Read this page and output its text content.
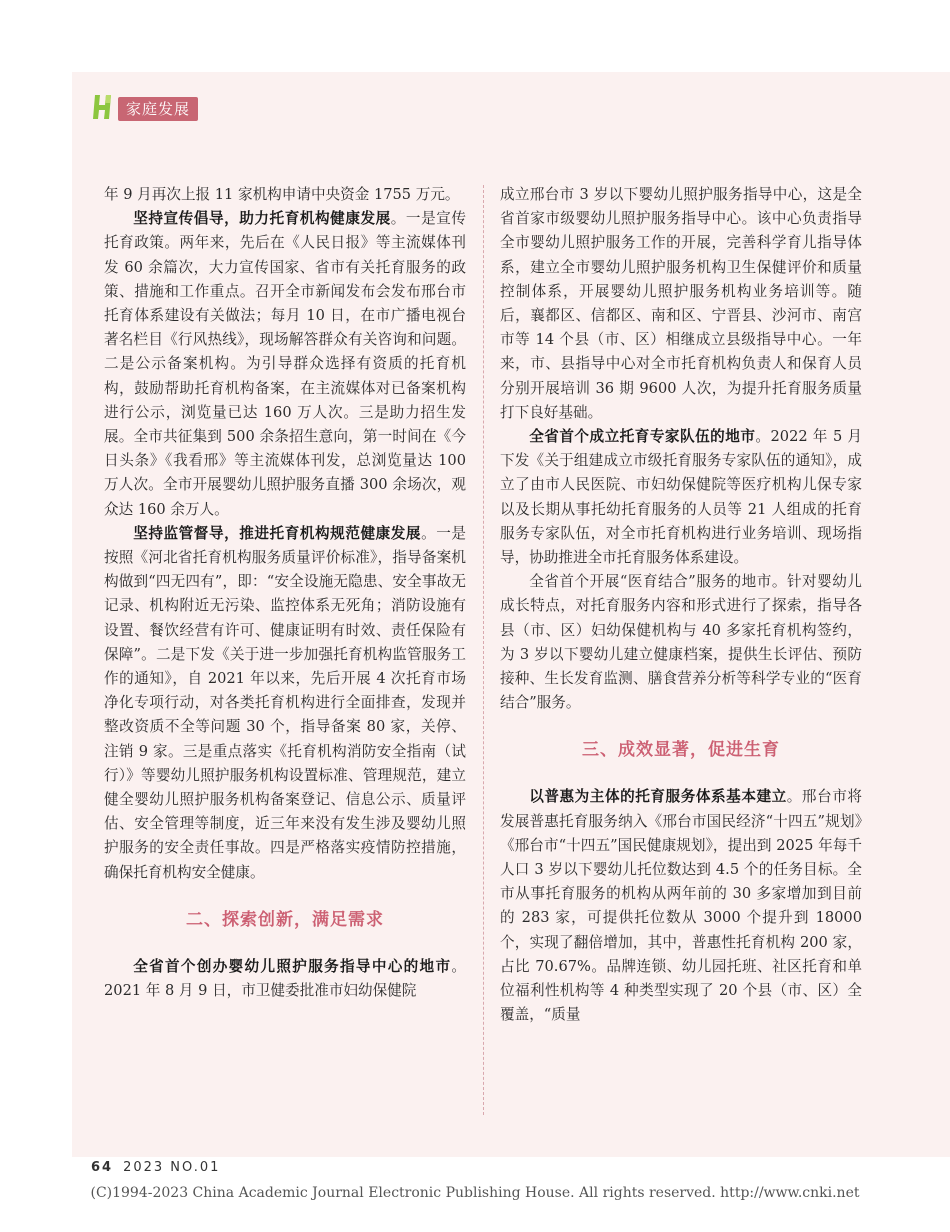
家庭发展

年 9 月再次上报 11 家机构申请中央资金 1755 万元。

坚持宣传倡导，助力托育机构健康发展。一是宣传托育政策。两年来，先后在《人民日报》等主流媒体刊发 60 余篇次，大力宣传国家、省市有关托育服务的政策、措施和工作重点。召开全市新闻发布会发布邢台市托育体系建设有关做法；每月 10 日，在市广播电视台著名栏目《行风热线》，现场解答群众有关咨询和问题。二是公示备案机构。为引导群众选择有资质的托育机构，鼓励帮助托育机构备案，在主流媒体对已备案机构进行公示，浏览量已达 160 万人次。三是助力招生发展。全市共征集到 500 余条招生意向，第一时间在《今日头条》《我看邢》等主流媒体刊发，总浏览量达 100 万人次。全市开展婴幼儿照护服务直播 300 余场次，观众达 160 余万人。

坚持监管督导，推进托育机构规范健康发展。一是按照《河北省托育机构服务质量评价标准》，指导备案机构做到“四无四有”，即：“安全设施无隐患、安全事故无记录、机构附近无污染、监控体系无死角；消防设施有设置、餐饮经营有许可、健康证明有时效、责任保险有保障”。二是下发《关于进一步加强托育机构监管服务工作的通知》，自 2021 年以来，先后开展 4 次托育市场净化专项行动，对各类托育机构进行全面排查，发现并整改资质不全等问题 30 个，指导备案 80 家，关停、注销 9 家。三是重点落实《托育机构消防安全指南（试行）》等婴幼儿照护服务机构设置标准、管理规范，建立健全婴幼儿照护服务机构备案登记、信息公示、质量评估、安全管理等制度，近三年来没有发生涉及婴幼儿照护服务的安全责任事故。四是严格落实疫情防控措施，确保托育机构安全健康。

二、探索创新，满足需求

全省首个创办婴幼儿照护服务指导中心的地市。2021 年 8 月 9 日，市卫健委批准市妇幼保健院

成立邢台市 3 岁以下婴幼儿照护服务指导中心，这是全省首家市级婴幼儿照护服务指导中心。该中心负责指导全市婴幼儿照护服务工作的开展，完善科学育儿指导体系，建立全市婴幼儿照护服务机构卫生保健评价和质量控制体系，开展婴幼儿照护服务机构业务培训等。随后，襄都区、信都区、南和区、宁晋县、沙河市、南宫市等 14 个县（市、区）相继成立县级指导中心。一年来，市、县指导中心对全市托育机构负责人和保育人员分别开展培训 36 期 9600 人次，为提升托育服务质量打下良好基础。

全省首个成立托育专家队伍的地市。2022 年 5 月下发《关于组建成立市级托育服务专家队伍的通知》，成立了由市人民医院、市妇幼保健院等医疗机构儿保专家以及长期从事托幼托育服务的人员等 21 人组成的托育服务专家队伍，对全市托育机构进行业务培训、现场指导，协助推进全市托育服务体系建设。

全省首个开展“医育结合”服务的地市。针对婴幼儿成长特点，对托育服务内容和形式进行了探索，指导各县（市、区）妇幼保健机构与 40 多家托育机构签约，为 3 岁以下婴幼儿建立健康档案，提供生长评估、预防接种、生长发育监测、膳食营养分析等科学专业的“医育结合”服务。

三、成效显著，促进生育

以普惠为主体的托育服务体系基本建立。邢台市将发展普惠托育服务纳入《邢台市国民经济“十四五”规划》《邢台市“十四五”国民健康规划》，提出到 2025 年每千人口 3 岁以下婴幼儿托位数达到 4.5 个的任务目标。全市从事托育服务的机构从两年前的 30 多家增加到目前的 283 家，可提供托位数从 3000 个提升到 18000 个，实现了翻倍增加，其中，普惠性托育机构 200 家，占比 70.67%。品牌连锁、幼儿园托班、社区托育和单位福利性机构等 4 种类型实现了 20 个县（市、区）全覆盖，“质量

64 2023 NO.01
(C)1994-2023 China Academic Journal Electronic Publishing House. All rights reserved. http://www.cnki.net
